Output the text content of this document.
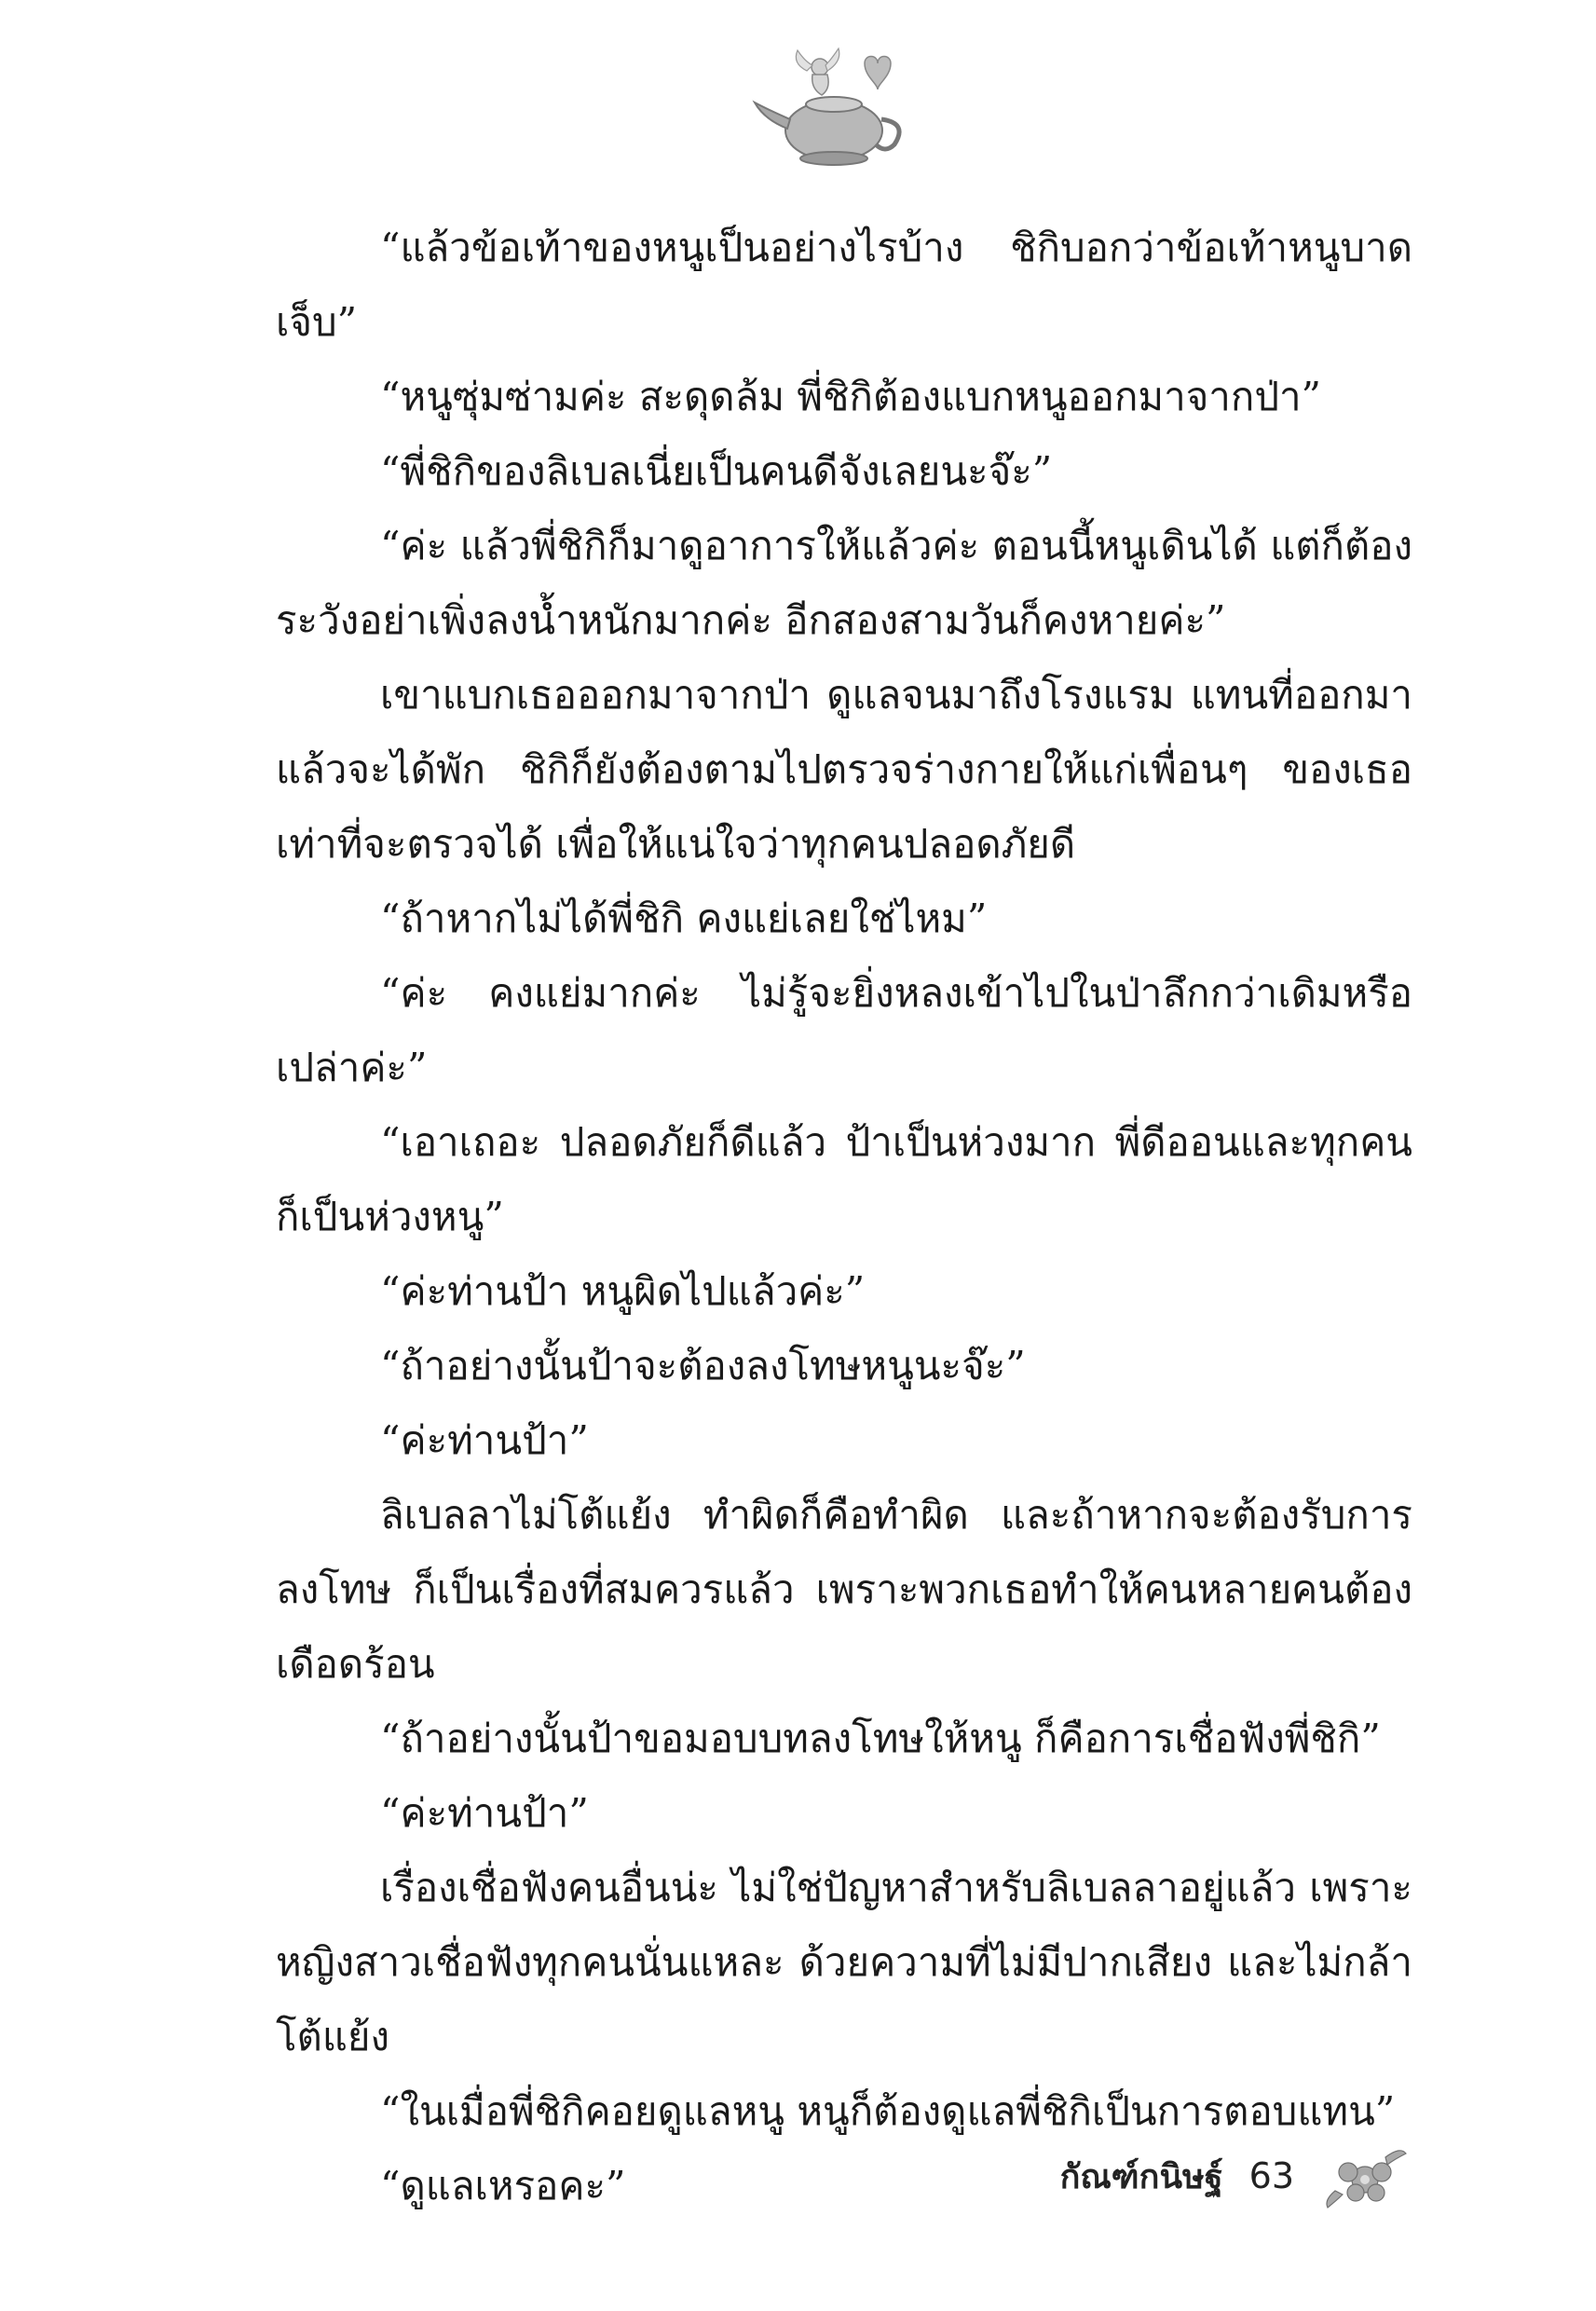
“แล้วข้อเท้าของหนูเป็นอย่างไรบ้าง ชิกิบอกว่าข้อเท้าหนูบาดเจ็บ”

“หนูซุ่มซ่ามค่ะ สะดุดล้ม พี่ชิกิต้องแบกหนูออกมาจากป่า”

“พี่ชิกิของลิเบลเนี่ยเป็นคนดีจังเลยนะจ๊ะ”

“ค่ะ แล้วพี่ชิกิก็มาดูอาการให้แล้วค่ะ ตอนนี้หนูเดินได้ แต่ก็ต้องระวังอย่าเพิ่งลงน้ำหนักมากค่ะ อีกสองสามวันก็คงหายค่ะ”

เขาแบกเธอออกมาจากป่า ดูแลจนมาถึงโรงแรม แทนที่ออกมาแล้วจะได้พัก ชิกิก็ยังต้องตามไปตรวจร่างกายให้แก่เพื่อนๆ ของเธอเท่าที่จะตรวจได้ เพื่อให้แน่ใจว่าทุกคนปลอดภัยดี

“ถ้าหากไม่ได้พี่ชิกิ คงแย่เลยใช่ไหม”

“ค่ะ คงแย่มากค่ะ ไม่รู้จะยิ่งหลงเข้าไปในป่าลึกกว่าเดิมหรือเปล่าค่ะ”

“เอาเถอะ ปลอดภัยก็ดีแล้ว ป้าเป็นห่วงมาก พี่ดีออนและทุกคนก็เป็นห่วงหนู”

“ค่ะท่านป้า หนูผิดไปแล้วค่ะ”

“ถ้าอย่างนั้นป้าจะต้องลงโทษหนูนะจ๊ะ”

“ค่ะท่านป้า”

ลิเบลลาไม่โต้แย้ง ทำผิดก็คือทำผิด และถ้าหากจะต้องรับการลงโทษ ก็เป็นเรื่องที่สมควรแล้ว เพราะพวกเธอทำให้คนหลายคนต้องเดือดร้อน

“ถ้าอย่างนั้นป้าขอมอบบทลงโทษให้หนู ก็คือการเชื่อฟังพี่ชิกิ”

“ค่ะท่านป้า”

เรื่องเชื่อฟังคนอื่นน่ะ ไม่ใช่ปัญหาสำหรับลิเบลลาอยู่แล้ว เพราะหญิงสาวเชื่อฟังทุกคนนั่นแหละ ด้วยความที่ไม่มีปากเสียง และไม่กล้าโต้แย้ง

“ในเมื่อพี่ชิกิคอยดูแลหนู หนูก็ต้องดูแลพี่ชิกิเป็นการตอบแทน”

“ดูแลเหรอคะ”	กัณฑ์กนิษฐ์ 63
